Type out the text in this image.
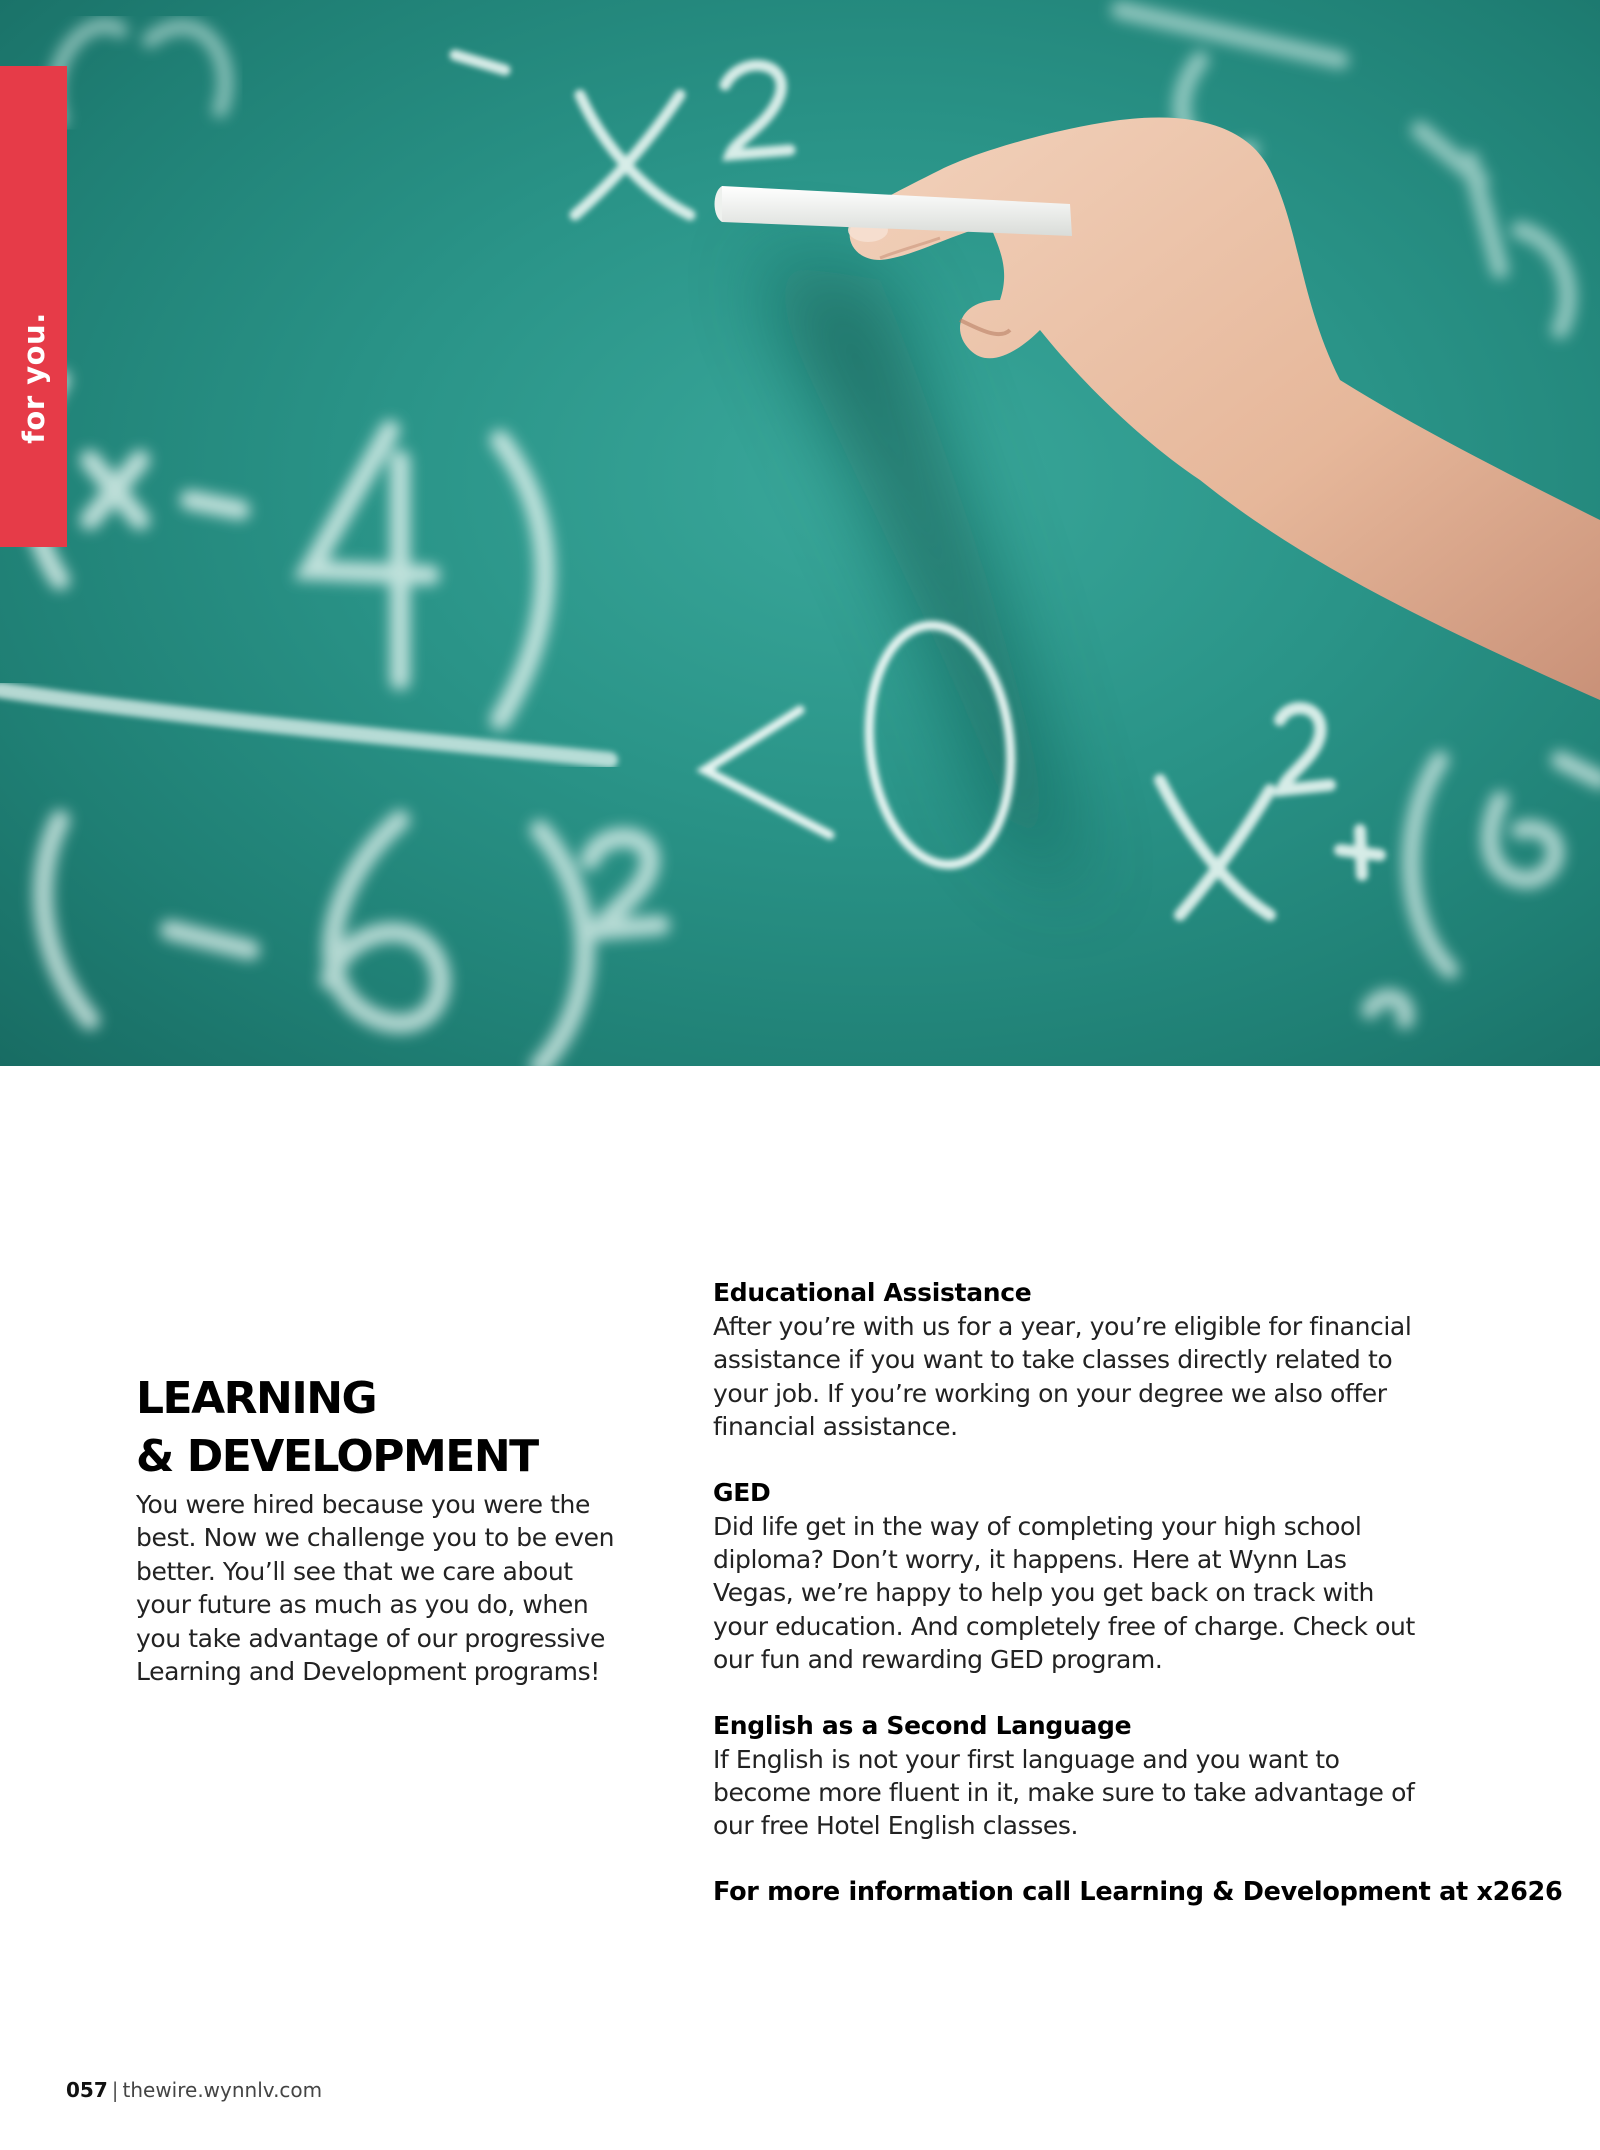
for you.
LEARNING
& DEVELOPMENT

You were hired because you were the best. Now we challenge you to be even better. You’ll see that we care about your future as much as you do, when you take advantage of our progressive Learning and Development programs!

Educational Assistance
After you’re with us for a year, you’re eligible for financial assistance if you want to take classes directly related to your job. If you’re working on your degree we also offer financial assistance.
GED
Did life get in the way of completing your high school diploma? Don’t worry, it happens. Here at Wynn Las Vegas, we’re happy to help you get back on track with your education. And completely free of charge. Check out our fun and rewarding GED program.
English as a Second Language
If English is not your first language and you want to become more fluent in it, make sure to take advantage of our free Hotel English classes.
For more information call Learning & Development at x2626
057 | thewire.wynnlv.com
